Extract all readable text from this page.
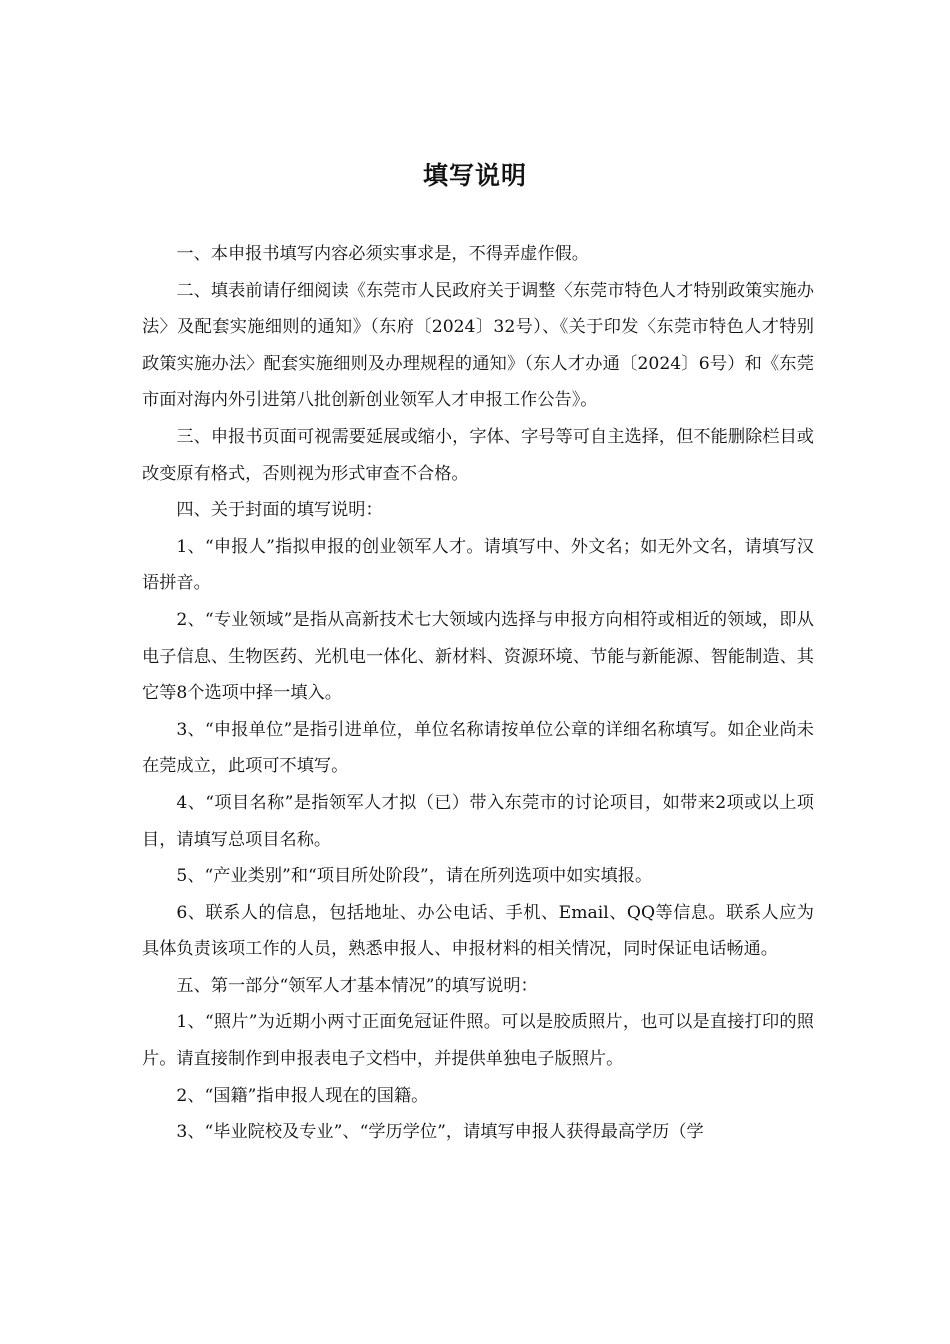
填写说明

一、本申报书填写内容必须实事求是，不得弄虚作假。

二、填表前请仔细阅读《东莞市人民政府关于调整〈东莞市特色人才特别政策实施办法〉及配套实施细则的通知》（东府〔2024〕32号）、《关于印发〈东莞市特色人才特别政策实施办法〉配套实施细则及办理规程的通知》（东人才办通〔2024〕6号）和《东莞市面对海内外引进第八批创新创业领军人才申报工作公告》。

三、申报书页面可视需要延展或缩小，字体、字号等可自主选择，但不能删除栏目或改变原有格式，否则视为形式审查不合格。

四、关于封面的填写说明：

1、“申报人”指拟申报的创业领军人才。请填写中、外文名；如无外文名，请填写汉语拼音。

2、“专业领域”是指从高新技术七大领域内选择与申报方向相符或相近的领域，即从电子信息、生物医药、光机电一体化、新材料、资源环境、节能与新能源、智能制造、其它等8个选项中择一填入。

3、“申报单位”是指引进单位，单位名称请按单位公章的详细名称填写。如企业尚未在莞成立，此项可不填写。

4、“项目名称”是指领军人才拟（已）带入东莞市的讨论项目，如带来2项或以上项目，请填写总项目名称。

5、“产业类别”和“项目所处阶段”，请在所列选项中如实填报。

6、联系人的信息，包括地址、办公电话、手机、Email、QQ等信息。联系人应为具体负责该项工作的人员，熟悉申报人、申报材料的相关情况，同时保证电话畅通。

五、第一部分“领军人才基本情况”的填写说明：

1、“照片”为近期小两寸正面免冠证件照。可以是胶质照片，也可以是直接打印的照片。请直接制作到申报表电子文档中，并提供单独电子版照片。

2、“国籍”指申报人现在的国籍。

3、“毕业院校及专业”、“学历学位”，请填写申报人获得最高学历（学
